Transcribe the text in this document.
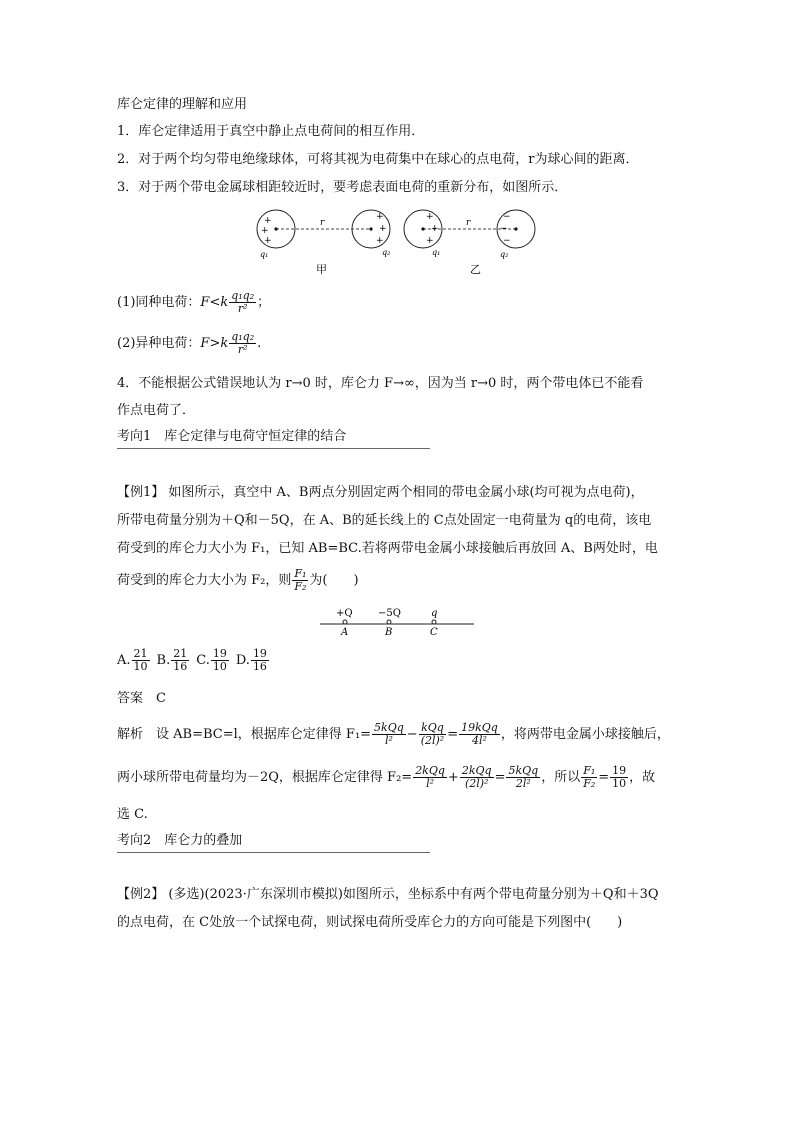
库仑定律的理解和应用
1．库仑定律适用于真空中静止点电荷间的相互作用．
2．对于两个均匀带电绝缘球体，可将其视为电荷集中在球心的点电荷，r为球心间的距离．
3．对于两个带电金属球相距较近时，要考虑表面电荷的重新分布，如图所示．
+
+
+
+
+
+
r
q₁	q₂
甲
+
+
+
−
−
−
r
q₁	q₂
乙
(1)同种电荷：$F<k \frac{\text{q₁q₂}}{\text{r²}}$ ；
(2)异种电荷：$F>k \frac{\text{q₁q₂}}{\text{r²}}$ .
4．不能根据公式错误地认为 r→0 时，库仑力 F→∞，因为当 r→0 时，两个带电体已不能看
作点电荷了．
考向1　库仑定律与电荷守恒定律的结合
【例1】 如图所示，真空中 A、B两点分别固定两个相同的带电金属小球(均可视为点电荷)，
所带电荷量分别为＋Q和－5Q，在 A、B的延长线上的 C点处固定一电荷量为 q的电荷，该电
荷受到的库仑力大小为 F₁，已知 AB=BC.若将两带电金属小球接触后再放回 A、B两处时，电
荷受到的库仑力大小为 F₂，则 $\frac{\text{F₁}}{\text{F₂}}$ 为(　　)
+Q	−5Q	q
A	B	C
A. $\frac{21}{10} B$. $\frac{21}{16} C$. $\frac{19}{10} D$. $\frac{19}{16}$
答案　 C
解析　 设 AB=BC=l，根据库仑定律得 $F_1= \frac{\text{5kQq}}{\text{l²}} - \frac{\text{kQq}}{\text{(2l)²}} = \frac{\text{19kQq}}{\text{4l²}}$ ，将两带电金属小球接触后，
两小球所带电荷量均为－2Q，根据库仑定律得 $F_2= \frac{\text{2kQq}}{\text{l²}} + \frac{\text{2kQq}}{\text{(2l)²}} = \frac{\text{5kQq}}{\text{2l²}}$ ，所以 $\frac{\text{F₁}}{\text{F₂}} = \frac{19}{10}$ ，故
选 C.
考向2　库仑力的叠加
【例2】 (多选)(2023·广东深圳市模拟)如图所示，坐标系中有两个带电荷量分别为＋Q和＋3Q
的点电荷，在 C处放一个试探电荷，则试探电荷所受库仑力的方向可能是下列图中(　　)
